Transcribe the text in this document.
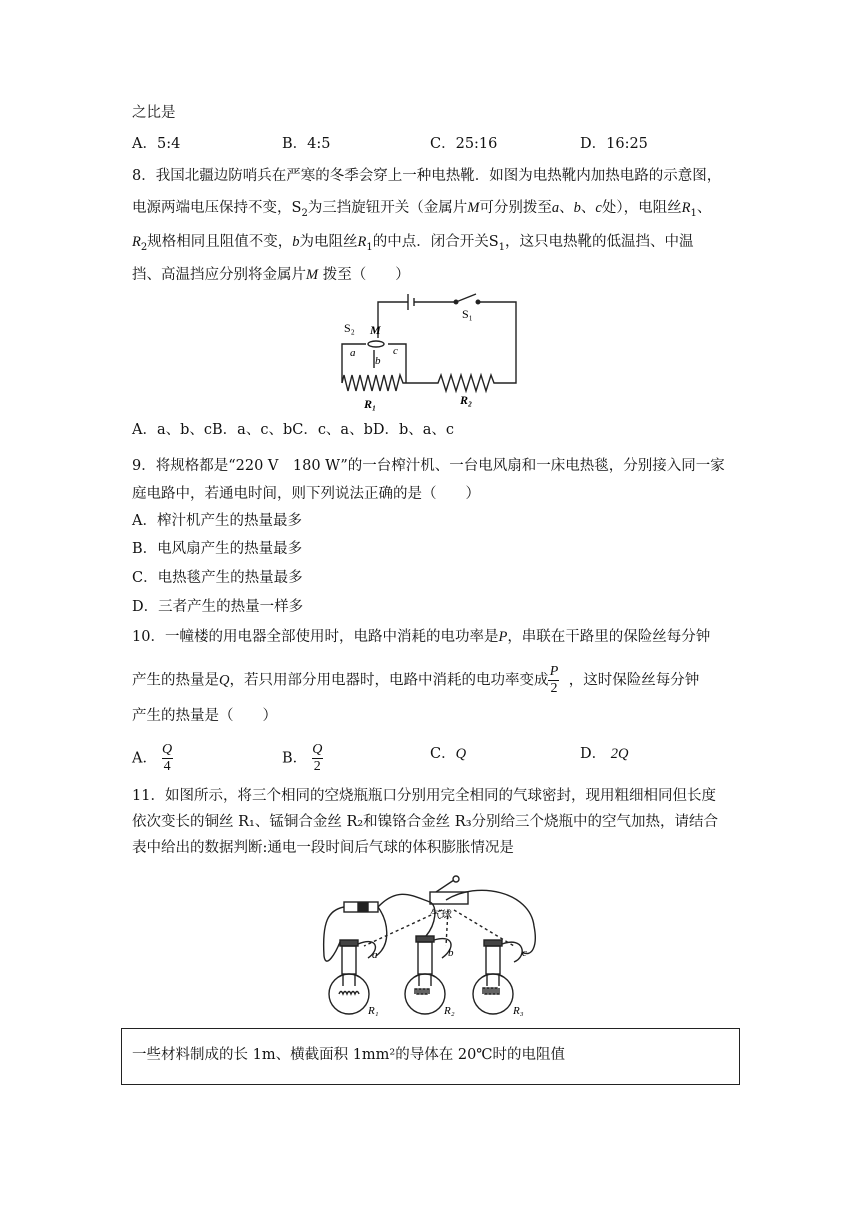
之比是
A．5:4	B．4:5	C．25:16	D．16:25
8．我国北疆边防哨兵在严寒的冬季会穿上一种电热靴．如图为电热靴内加热电路的示意图，
电源两端电压保持不变，$S_2$为三挡旋钮开关（金属片M可分别拨至a、b、c处），电阻丝$R_1$、
$R_2$规格相同且阻值不变，b为电阻丝$R_1$的中点．闭合开关$S_1$，这只电热靴的低温挡、中温
挡、高温挡应分别将金属片M 拨至（　　）
S₂ M
a
b
c
S₁
R₁	R₂
A．a、b、cB．a、c、bC．c、a、bD．b、a、c
9．将规格都是“220 V　180 W”的一台榨汁机、一台电风扇和一床电热毯，分别接入同一家
庭电路中，若通电时间，则下列说法正确的是（　　）
A．榨汁机产生的热量最多
B．电风扇产生的热量最多
C．电热毯产生的热量最多
D．三者产生的热量一样多
10．一幢楼的用电器全部使用时，电路中消耗的电功率是P，串联在干路里的保险丝每分钟
产生的热量是Q，若只用部分用电器时，电路中消耗的电功率变成 $\frac{P}{2}$ ，这时保险丝每分钟
产生的热量是（　　）
A． $\frac{Q}{4}$	B． $\frac{Q}{2}$	C．Q	D． 2Q
11．如图所示，将三个相同的空烧瓶瓶口分别用完全相同的气球密封，现用粗细相同但长度
依次变长的铜丝 R₁、锰铜合金丝 R₂和镍铬合金丝 R₃分别给三个烧瓶中的空气加热，请结合
表中给出的数据判断:通电一段时间后气球的体积膨胀情况是
气球
a	b	c
R₁	R₂	R₃
一些材料制成的长 1m、横截面积 1mm²的导体在 20℃时的电阻值
